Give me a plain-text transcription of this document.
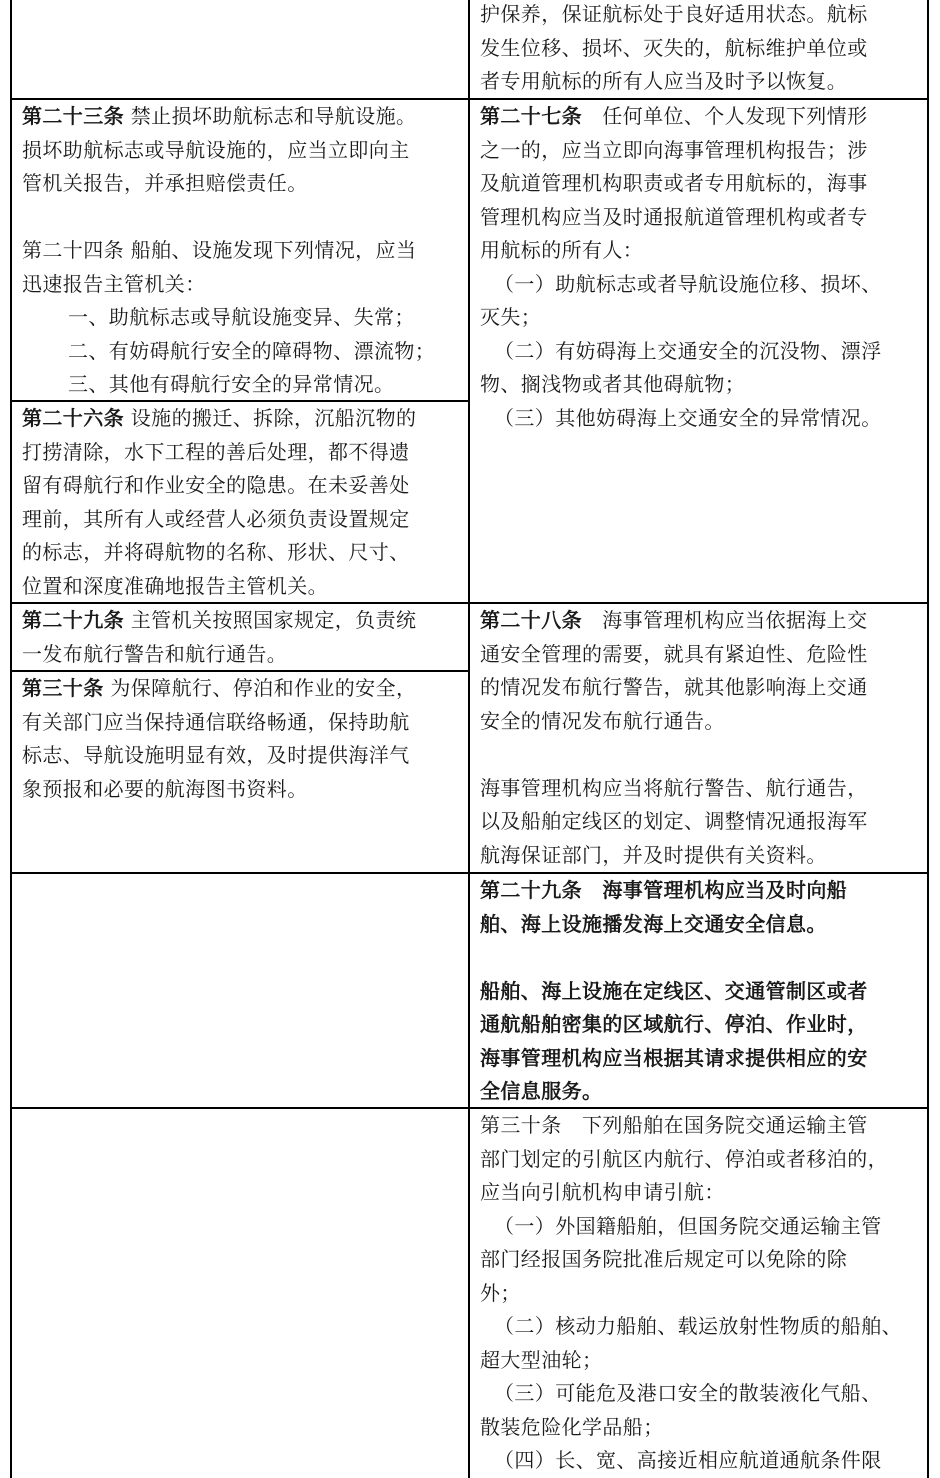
护保养，保证航标处于良好适用状态。航标

发生位移、损坏、灭失的，航标维护单位或

者专用航标的所有人应当及时予以恢复。

第二十三条 禁止损坏助航标志和导航设施。

损坏助航标志或导航设施的，应当立即向主

管机关报告，并承担赔偿责任。

第二十四条 船舶、设施发现下列情况，应当

迅速报告主管机关：

一、助航标志或导航设施变异、失常；

二、有妨碍航行安全的障碍物、漂流物；

三、其他有碍航行安全的异常情况。

第二十六条 设施的搬迁、拆除，沉船沉物的

打捞清除，水下工程的善后处理，都不得遗

留有碍航行和作业安全的隐患。在未妥善处

理前，其所有人或经营人必须负责设置规定

的标志，并将碍航物的名称、形状、尺寸、

位置和深度准确地报告主管机关。

第二十七条 任何单位、个人发现下列情形

之一的，应当立即向海事管理机构报告；涉

及航道管理机构职责或者专用航标的，海事

管理机构应当及时通报航道管理机构或者专

用航标的所有人：

（一）助航标志或者导航设施位移、损坏、

灭失；

（二）有妨碍海上交通安全的沉没物、漂浮

物、搁浅物或者其他碍航物；

（三）其他妨碍海上交通安全的异常情况。

第二十九条 主管机关按照国家规定，负责统

一发布航行警告和航行通告。

第三十条 为保障航行、停泊和作业的安全，

有关部门应当保持通信联络畅通，保持助航

标志、导航设施明显有效，及时提供海洋气

象预报和必要的航海图书资料。

第二十八条 海事管理机构应当依据海上交

通安全管理的需要，就具有紧迫性、危险性

的情况发布航行警告，就其他影响海上交通

安全的情况发布航行通告。

海事管理机构应当将航行警告、航行通告，

以及船舶定线区的划定、调整情况通报海军

航海保证部门，并及时提供有关资料。

第二十九条　海事管理机构应当及时向船

舶、海上设施播发海上交通安全信息。

船舶、海上设施在定线区、交通管制区或者

通航船舶密集的区域航行、停泊、作业时，

海事管理机构应当根据其请求提供相应的安

全信息服务。

第三十条　下列船舶在国务院交通运输主管

部门划定的引航区内航行、停泊或者移泊的，

应当向引航机构申请引航：

（一）外国籍船舶，但国务院交通运输主管

部门经报国务院批准后规定可以免除的除

外；

（二）核动力船舶、载运放射性物质的船舶、

超大型油轮；

（三）可能危及港口安全的散装液化气船、

散装危险化学品船；

（四）长、宽、高接近相应航道通航条件限
